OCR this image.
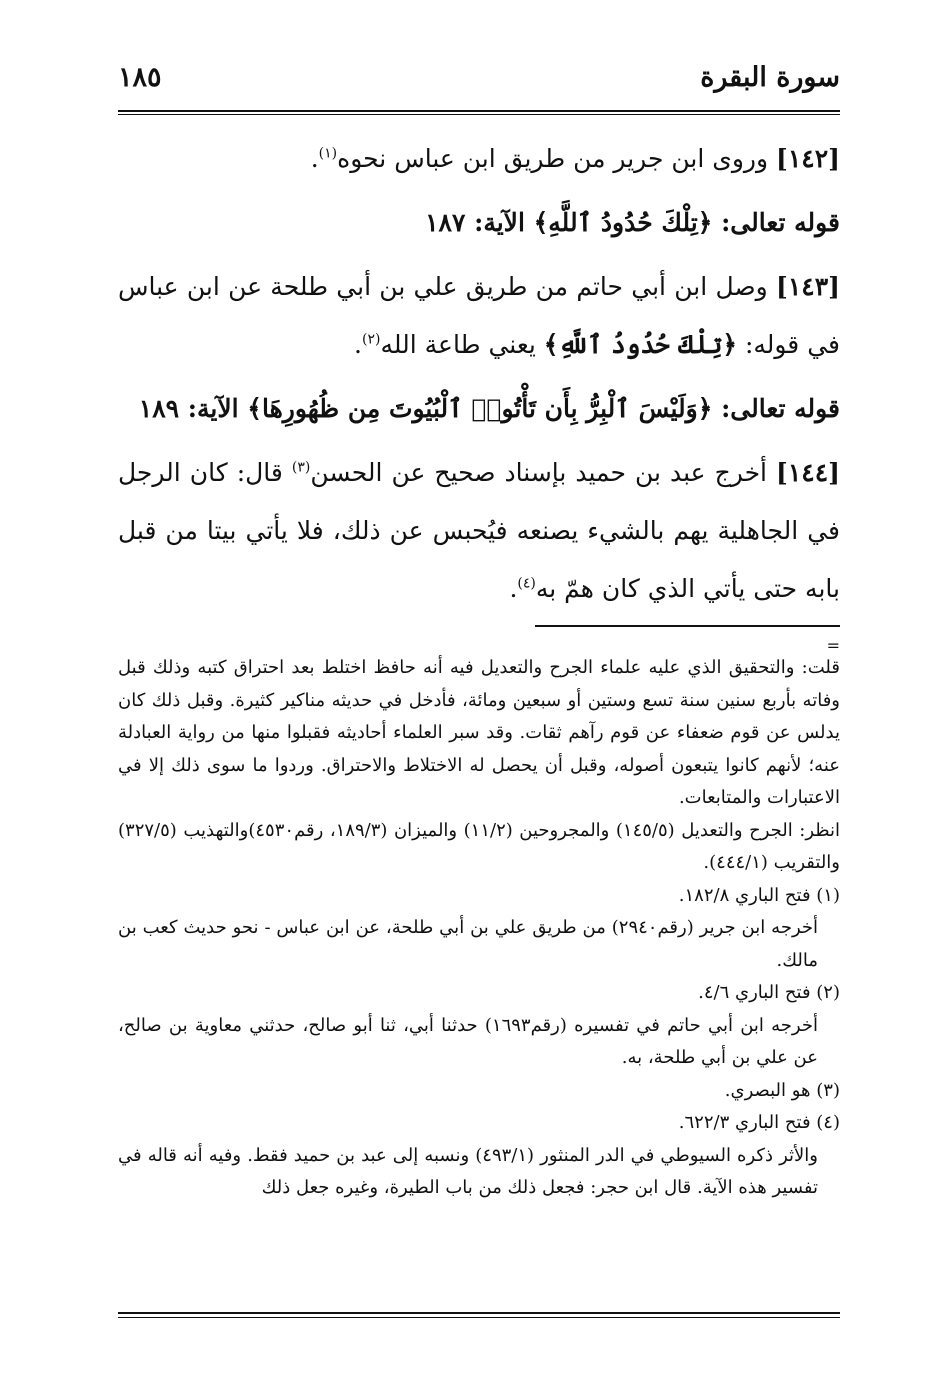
سورة البقرة
١٨٥

[١٤٢] وروى ابن جرير من طريق ابن عباس نحوه$^{(١)}$.

قوله تعالى: ﴿تِلْكَ حُدُودُ ٱللَّهِ﴾ الآية: ١٨٧

[١٤٣] وصل ابن أبي حاتم من طريق علي بن أبي طلحة عن ابن عباس في قوله: ﴿تِلْكَ حُدُودُ ٱللَّهِ﴾ يعني طاعة الله$^{(٢)}$.

قوله تعالى: ﴿وَلَيْسَ ٱلْبِرُّ بِأَن تَأْتُوا۟ ٱلْبُيُوتَ مِن ظُهُورِهَا﴾ الآية: ١٨٩

[١٤٤] أخرج عبد بن حميد بإسناد صحيح عن الحسن$^{(٣)}$ قال: كان الرجل في الجاهلية يهم بالشيء يصنعه فيُحبس عن ذلك، فلا يأتي بيتا من قبل بابه حتى يأتي الذي كان همّ به$^{(٤)}$.

=

قلت: والتحقيق الذي عليه علماء الجرح والتعديل فيه أنه حافظ اختلط بعد احتراق كتبه وذلك قبل وفاته بأربع سنين سنة تسع وستين أو سبعين ومائة، فأدخل في حديثه مناكير كثيرة. وقبل ذلك كان يدلس عن قوم ضعفاء عن قوم رآهم ثقات. وقد سبر العلماء أحاديثه فقبلوا منها من رواية العبادلة عنه؛ لأنهم كانوا يتبعون أصوله، وقبل أن يحصل له الاختلاط والاحتراق. وردوا ما سوى ذلك إلا في الاعتبارات والمتابعات.

انظر: الجرح والتعديل (١٤٥/٥) والمجروحين (١١/٢) والميزان (١٨٩/٣، رقم٤٥٣٠)والتهذيب (٣٢٧/٥) والتقريب (٤٤٤/١).

(١) فتح الباري ١٨٢/٨.

أخرجه ابن جرير (رقم٢٩٤٠) من طريق علي بن أبي طلحة، عن ابن عباس - نحو حديث كعب بن مالك.

(٢) فتح الباري ٤/٦.

أخرجه ابن أبي حاتم في تفسيره (رقم١٦٩٣) حدثنا أبي، ثنا أبو صالح، حدثني معاوية بن صالح، عن علي بن أبي طلحة، به.

(٣) هو البصري.

(٤) فتح الباري ٦٢٢/٣.

والأثر ذكره السيوطي في الدر المنثور (٤٩٣/١) ونسبه إلى عبد بن حميد فقط. وفيه أنه قاله في تفسير هذه الآية. قال ابن حجر: فجعل ذلك من باب الطيرة، وغيره جعل ذلك
